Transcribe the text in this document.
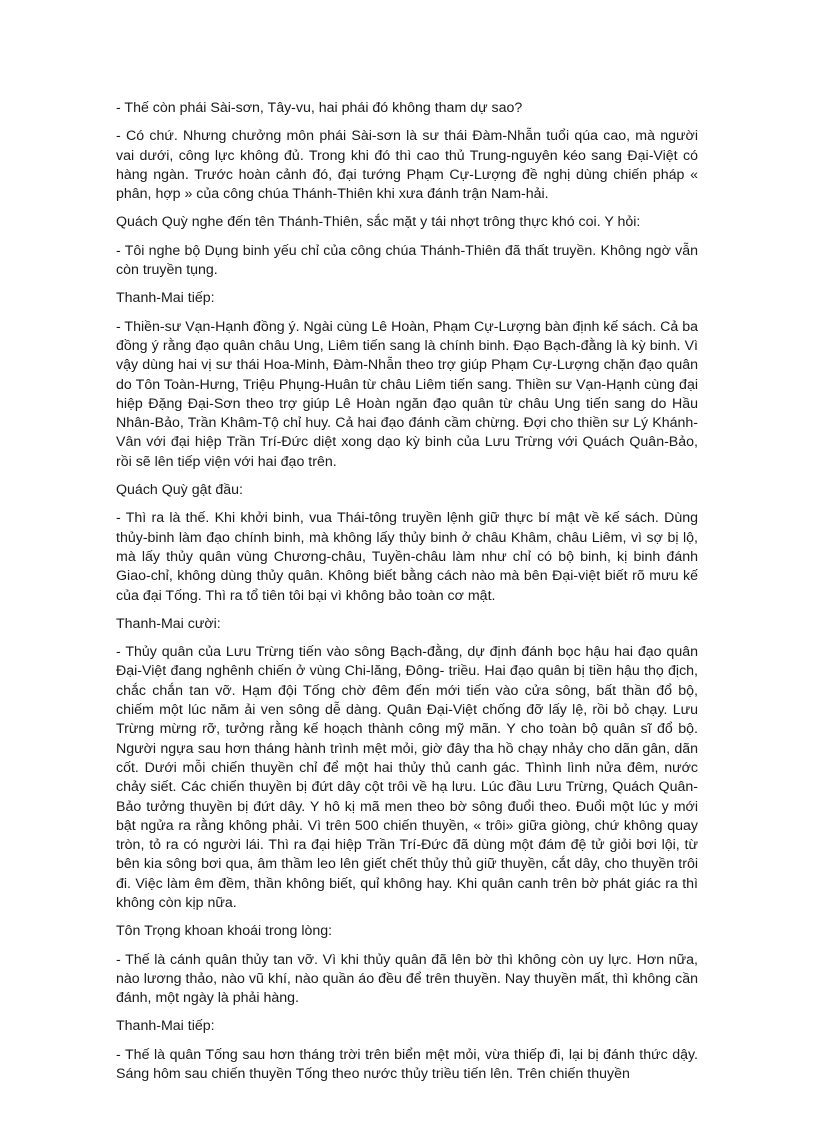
- Thế còn phái Sài-sơn, Tây-vu, hai phái đó không tham dự sao?

- Có chứ. Nhưng chưởng môn phái Sài-sơn là sư thái Đàm-Nhẫn tuổi qúa cao, mà người vai dưới, công lực không đủ. Trong khi đó thì cao thủ Trung-nguyên kéo sang Đại-Việt có hàng ngàn. Trước hoàn cảnh đó, đại tướng Phạm Cự-Lượng đề nghị dùng chiến pháp « phân, hợp » của công chúa Thánh-Thiên khi xưa đánh trận Nam-hải.

Quách Quỳ nghe đến tên Thánh-Thiên, sắc mặt y tái nhợt trông thực khó coi. Y hỏi:

- Tôi nghe bộ Dụng binh yếu chỉ của công chúa Thánh-Thiên đã thất truyền. Không ngờ vẫn còn truyền tụng.

Thanh-Mai tiếp:

- Thiền-sư Vạn-Hạnh đồng ý. Ngài cùng Lê Hoàn, Phạm Cự-Lượng bàn định kế sách. Cả ba đồng ý rằng đạo quân châu Ung, Liêm tiến sang là chính binh. Đạo Bạch-đằng là kỳ binh. Vì vậy dùng hai vị sư thái Hoa-Minh, Đàm-Nhẫn theo trợ giúp Phạm Cự-Lượng chặn đạo quân do Tôn Toàn-Hưng, Triệu Phụng-Huân từ châu Liêm tiến sang. Thiền sư Vạn-Hạnh cùng đại hiệp Đặng Đại-Sơn theo trợ giúp Lê Hoàn ngăn đạo quân từ châu Ung tiến sang do Hầu Nhân-Bảo, Trần Khâm-Tộ chỉ huy. Cả hai đạo đánh cầm chừng. Đợi cho thiền sư Lý Khánh-Vân với đại hiệp Trần Trí-Đức diệt xong dạo kỳ binh của Lưu Trừng với Quách Quân-Bảo, rồi sẽ lên tiếp viện với hai đạo trên.

Quách Quỳ gật đầu:

- Thì ra là thế. Khi khởi binh, vua Thái-tông truyền lệnh giữ thực bí mật về kế sách. Dùng thủy-binh làm đạo chính binh, mà không lấy thủy binh ở châu Khâm, châu Liêm, vì sợ bị lộ, mà lấy thủy quân vùng Chương-châu, Tuyền-châu làm như chỉ có bộ binh, kị binh đánh Giao-chỉ, không dùng thủy quân. Không biết bằng cách nào mà bên Đại-việt biết rõ mưu kế của đại Tống. Thì ra tổ tiên tôi bại vì không bảo toàn cơ mật.

Thanh-Mai cười:

- Thủy quân của Lưu Trừng tiến vào sông Bạch-đằng, dự định đánh bọc hậu hai đạo quân Đại-Việt đang nghênh chiến ở vùng Chi-lăng, Đông- triều. Hai đạo quân bị tiền hậu thọ địch, chắc chắn tan vỡ. Hạm đội Tống chờ đêm đến mới tiến vào cửa sông, bất thần đổ bộ, chiếm một lúc năm ải ven sông dễ dàng. Quân Đại-Việt chống đỡ lấy lệ, rồi bỏ chạy. Lưu Trừng mừng rỡ, tưởng rằng kế hoạch thành công mỹ mãn. Y cho toàn bộ quân sĩ đổ bộ. Người ngựa sau hơn tháng hành trình mệt mỏi, giờ đây tha hồ chạy nhảy cho dãn gân, dãn cốt. Dưới mỗi chiến thuyền chỉ để một hai thủy thủ canh gác. Thình lình nửa đêm, nước chảy siết. Các chiến thuyền bị đứt dây cột trôi về hạ lưu. Lúc đầu Lưu Trừng, Quách Quân-Bảo tưởng thuyền bị đứt dây. Y hô kị mã men theo bờ sông đuổi theo. Đuổi một lúc y mới bật ngửa ra rằng không phải. Vì trên 500 chiến thuyền, « trôi» giữa giòng, chứ không quay tròn, tỏ ra có người lái. Thì ra đại hiệp Trần Trí-Đức đã dùng một đám đệ tử giỏi bơi lội, từ bên kia sông bơi qua, âm thầm leo lên giết chết thủy thủ giữ thuyền, cắt dây, cho thuyền trôi đi. Việc làm êm đềm, thần không biết, quỉ không hay. Khi quân canh trên bờ phát giác ra thì không còn kịp nữa.

Tôn Trọng khoan khoái trong lòng:

- Thế là cánh quân thủy tan vỡ. Vì khi thủy quân đã lên bờ thì không còn uy lực. Hơn nữa, nào lương thảo, nào vũ khí, nào quần áo đều để trên thuyền. Nay thuyền mất, thì không cần đánh, một ngày là phải hàng.

Thanh-Mai tiếp:

- Thế là quân Tống sau hơn tháng trời trên biển mệt mỏi, vừa thiếp đi, lại bị đánh thức dậy. Sáng hôm sau chiến thuyền Tống theo nước thủy triều tiến lên. Trên chiến thuyền
